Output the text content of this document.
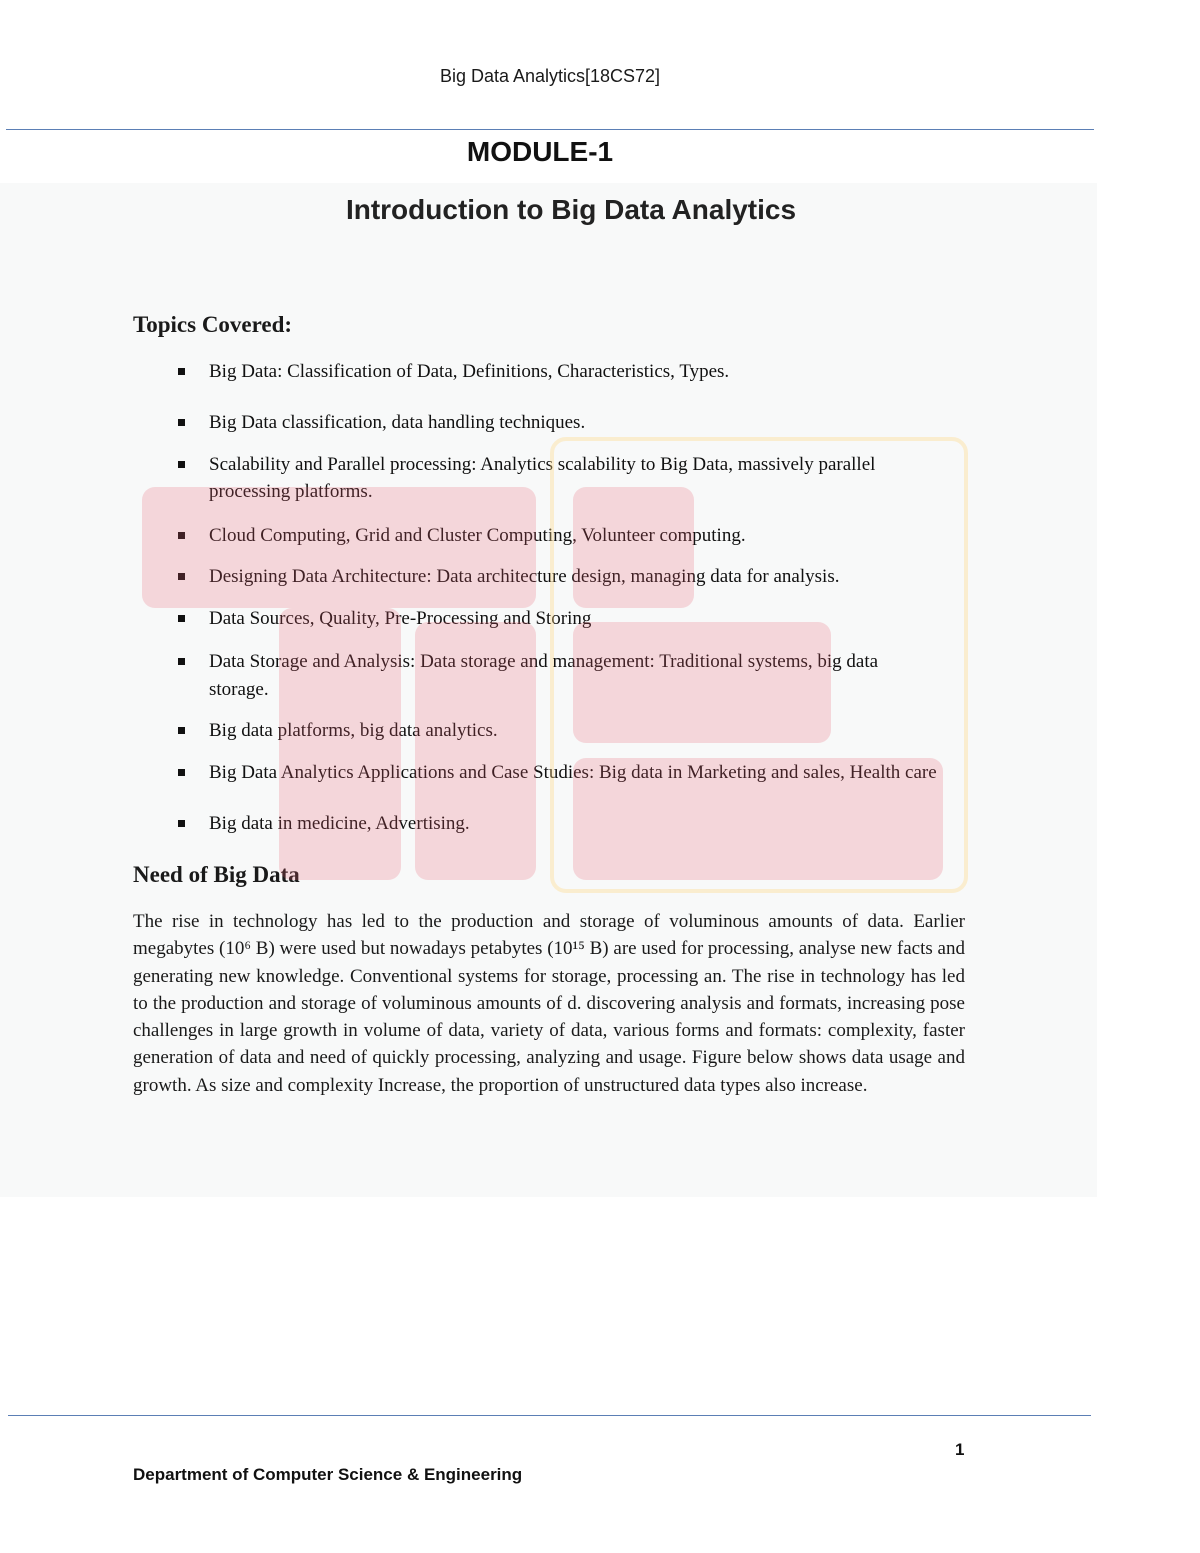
Big Data Analytics[18CS72]
MODULE-1
Introduction to Big Data Analytics
Topics Covered:
Big Data: Classification of Data, Definitions, Characteristics, Types.
Big Data classification, data handling techniques.
Scalability and Parallel processing: Analytics scalability to Big Data, massively parallel
processing platforms.
Cloud Computing, Grid and Cluster Computing, Volunteer computing.
Designing Data Architecture: Data architecture design, managing data for analysis.
Data Sources, Quality, Pre-Processing and Storing
Data Storage and Analysis: Data storage and management: Traditional systems, big data
storage.
Big data platforms, big data analytics.
Big Data Analytics Applications and Case Studies: Big data in Marketing and sales, Health care
Big data in medicine, Advertising.
Need of Big Data
The rise in technology has led to the production and storage of voluminous amounts of data. Earlier megabytes (10⁶ B) were used but nowadays petabytes (10¹⁵ B) are used for processing, analyse new facts and generating new knowledge. Conventional systems for storage, processing an. The rise in technology has led to the production and storage of voluminous amounts of d. discovering analysis and formats, increasing pose challenges in large growth in volume of data, variety of data, various forms and formats: complexity, faster generation of data and need of quickly processing, analyzing and usage. Figure below shows data usage and growth. As size and complexity Increase, the proportion of unstructured data types also increase.
1
Department of Computer Science & Engineering
